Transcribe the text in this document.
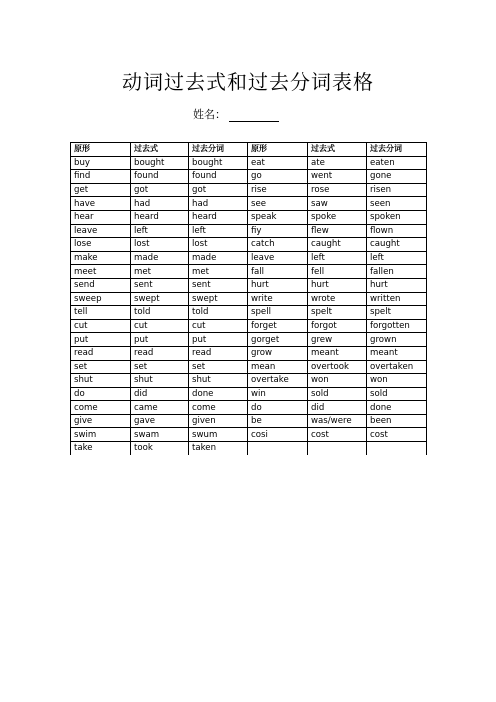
动词过去式和过去分词表格
姓名：
原形	过去式	过去分词	原形	过去式	过去分词
buy	bought	bought	eat	ate	eaten
find	found	found	go	went	gone
get	got	got	rise	rose	risen
have	had	had	see	saw	seen
hear	heard	heard	speak	spoke	spoken
leave	left	left	fiy	flew	flown
lose	lost	lost	catch	caught	caught
make	made	made	leave	left	left
meet	met	met	fall	fell	fallen
send	sent	sent	hurt	hurt	hurt
sweep	swept	swept	write	wrote	written
tell	told	told	spell	spelt	spelt
cut	cut	cut	forget	forgot	forgotten
put	put	put	gorget	grew	grown
read	read	read	grow	meant	meant
set	set	set	mean	overtook	overtaken
shut	shut	shut	overtake	won	won
do	did	done	win	sold	sold
come	came	come	do	did	done
give	gave	given	be	was/were	been
swim	swam	swum	cosi	cost	cost
take	took	taken			
